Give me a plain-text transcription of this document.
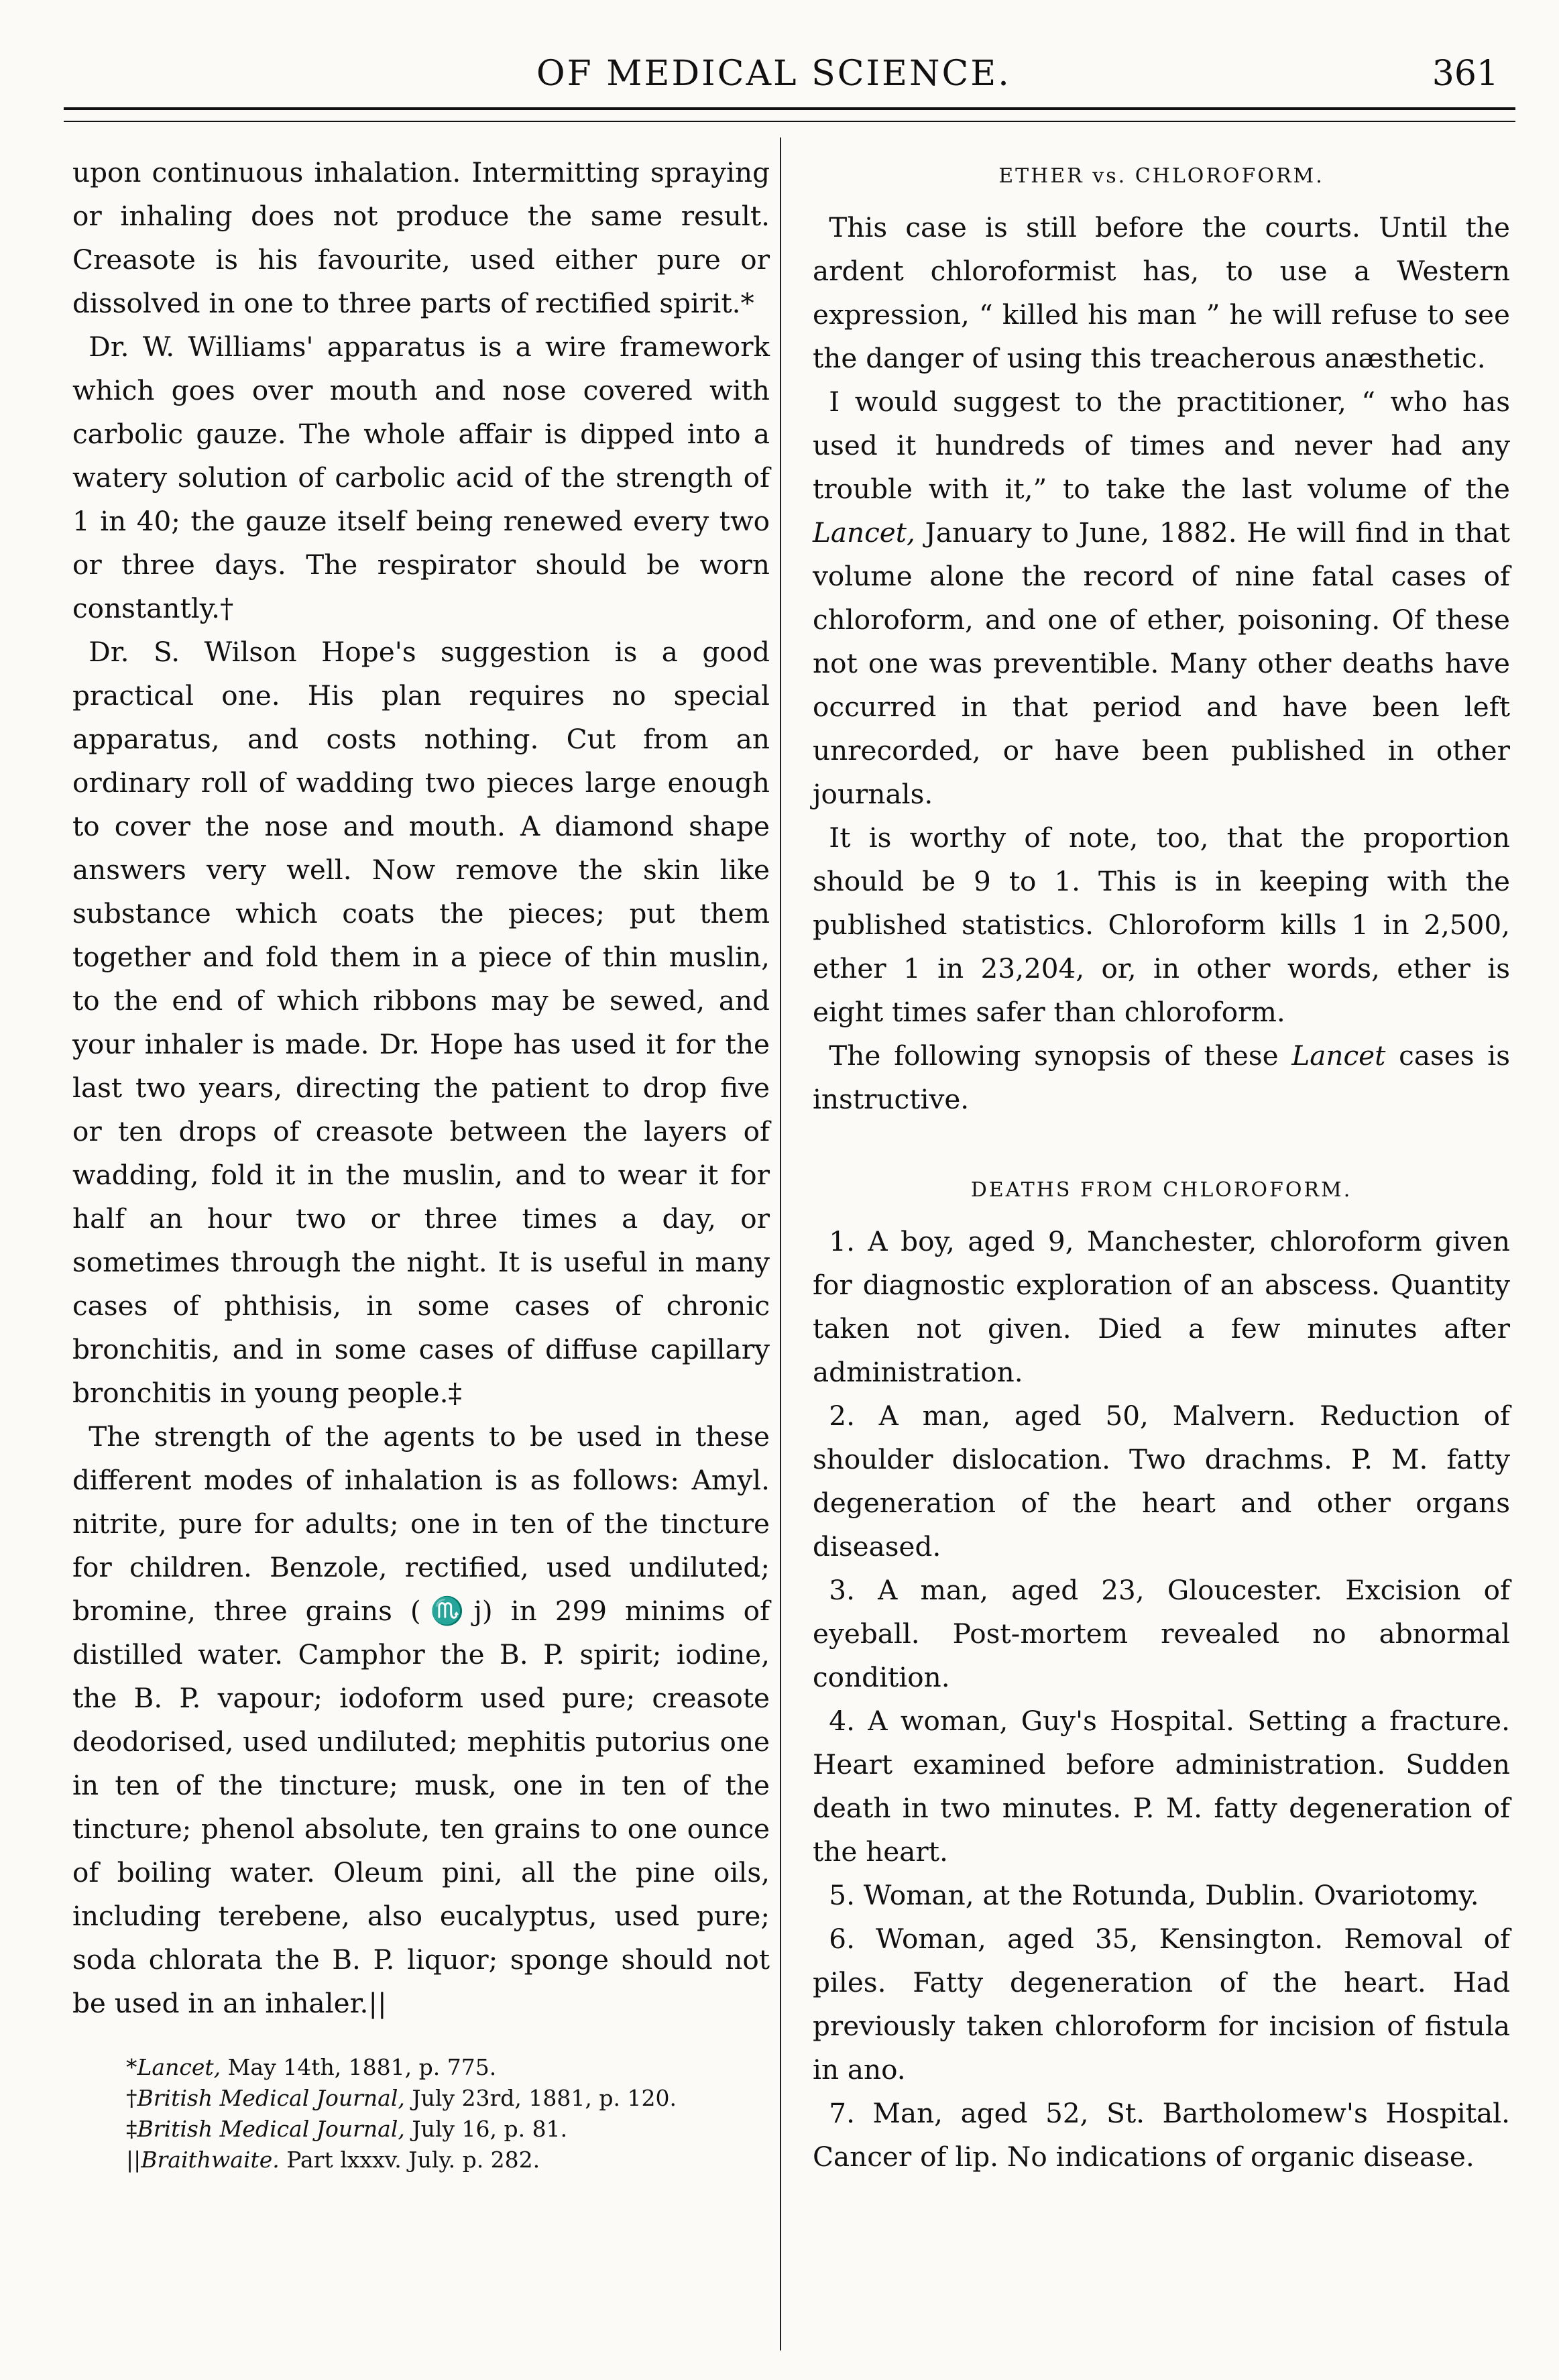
OF MEDICAL SCIENCE.	361

upon continuous inhalation. Intermitting spraying or inhaling does not produce the same result. Creasote is his favourite, used either pure or dissolved in one to three parts of rectified spirit.*

Dr. W. Williams' apparatus is a wire framework which goes over mouth and nose covered with carbolic gauze. The whole affair is dipped into a watery solution of carbolic acid of the strength of 1 in 40; the gauze itself being renewed every two or three days. The respirator should be worn constantly.†

Dr. S. Wilson Hope's suggestion is a good practical one. His plan requires no special apparatus, and costs nothing. Cut from an ordinary roll of wadding two pieces large enough to cover the nose and mouth. A diamond shape answers very well. Now remove the skin like substance which coats the pieces; put them together and fold them in a piece of thin muslin, to the end of which ribbons may be sewed, and your inhaler is made. Dr. Hope has used it for the last two years, directing the patient to drop five or ten drops of creasote between the layers of wadding, fold it in the muslin, and to wear it for half an hour two or three times a day, or sometimes through the night. It is useful in many cases of phthisis, in some cases of chronic bronchitis, and in some cases of diffuse capillary bronchitis in young people.‡

The strength of the agents to be used in these different modes of inhalation is as follows: Amyl. nitrite, pure for adults; one in ten of the tincture for children. Benzole, rectified, used undiluted; bromine, three grains (♏j) in 299 minims of distilled water. Camphor the B. P. spirit; iodine, the B. P. vapour; iodoform used pure; creasote deodorised, used undiluted; mephitis putorius one in ten of the tincture; musk, one in ten of the tincture; phenol absolute, ten grains to one ounce of boiling water. Oleum pini, all the pine oils, including terebene, also eucalyptus, used pure; soda chlorata the B. P. liquor; sponge should not be used in an inhaler.||

*Lancet, May 14th, 1881, p. 775.

†British Medical Journal, July 23rd, 1881, p. 120.

‡British Medical Journal, July 16, p. 81.

||Braithwaite. Part lxxxv. July. p. 282.

ETHER vs. CHLOROFORM.

This case is still before the courts. Until the ardent chloroformist has, to use a Western expression, “ killed his man ” he will refuse to see the danger of using this treacherous anæsthetic.

I would suggest to the practitioner, “ who has used it hundreds of times and never had any trouble with it,” to take the last volume of the Lancet, January to June, 1882. He will find in that volume alone the record of nine fatal cases of chloroform, and one of ether, poisoning. Of these not one was preventible. Many other deaths have occurred in that period and have been left unrecorded, or have been published in other journals.

It is worthy of note, too, that the proportion should be 9 to 1. This is in keeping with the published statistics. Chloroform kills 1 in 2,500, ether 1 in 23,204, or, in other words, ether is eight times safer than chloroform.

The following synopsis of these Lancet cases is instructive.

DEATHS FROM CHLOROFORM.

1. A boy, aged 9, Manchester, chloroform given for diagnostic exploration of an abscess. Quantity taken not given. Died a few minutes after administration.

2. A man, aged 50, Malvern. Reduction of shoulder dislocation. Two drachms. P. M. fatty degeneration of the heart and other organs diseased.

3. A man, aged 23, Gloucester. Excision of eyeball. Post-mortem revealed no abnormal condition.

4. A woman, Guy's Hospital. Setting a fracture. Heart examined before administration. Sudden death in two minutes. P. M. fatty degeneration of the heart.

5. Woman, at the Rotunda, Dublin. Ovariotomy.

6. Woman, aged 35, Kensington. Removal of piles. Fatty degeneration of the heart. Had previously taken chloroform for incision of fistula in ano.

7. Man, aged 52, St. Bartholomew's Hospital. Cancer of lip. No indications of organic disease.
